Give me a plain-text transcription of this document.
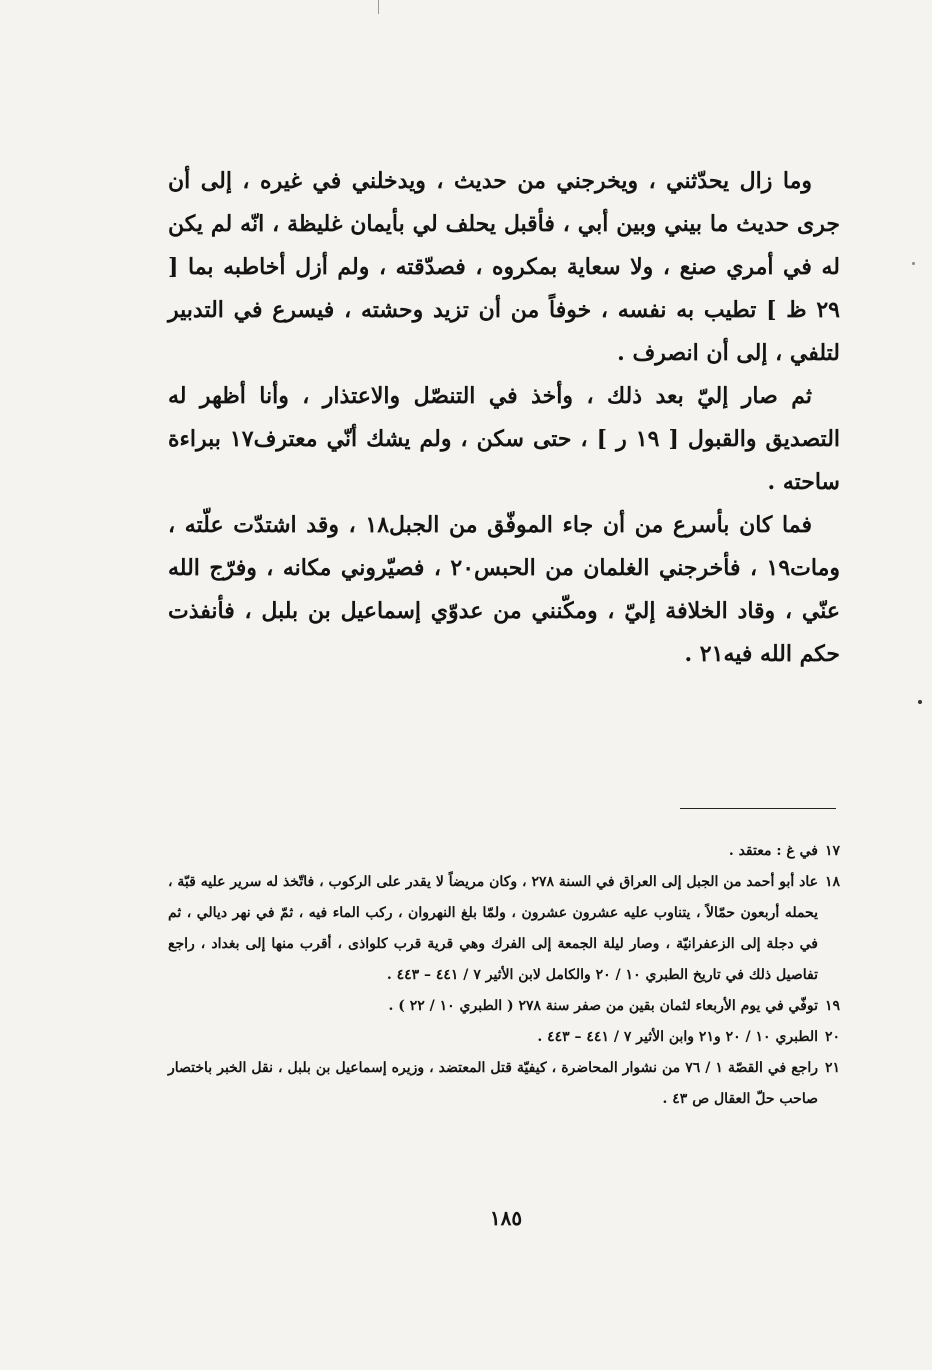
وما زال يحدّثني ، ويخرجني من حديث ، ويدخلني في غيره ، إلى أن جرى حديث ما بيني وبين أبي ، فأقبل يحلف لي بأيمان غليظة ، انّه لم يكن له في أمري صنع ، ولا سعاية بمكروه ، فصدّقته ، ولم أزل أخاطبه بما [ ٢٩ ظ ] تطيب به نفسه ، خوفاً من أن تزيد وحشته ، فيسرع في التدبير لتلفي ، إلى أن انصرف .

ثم صار إليّ بعد ذلك ، وأخذ في التنصّل والاعتذار ، وأنا أظهر له التصديق والقبول [ ١٩ ر ] ، حتى سكن ، ولم يشك أنّي معترف١٧ ببراءة ساحته .

فما كان بأسرع من أن جاء الموفّق من الجبل١٨ ، وقد اشتدّت علّته ، ومات١٩ ، فأخرجني الغلمان من الحبس٢٠ ، فصيّروني مكانه ، وفرّج الله عنّي ، وقاد الخلافة إليّ ، ومكّنني من عدوّي إسماعيل بن بلبل ، فأنفذت حكم الله فيه٢١ .

١٧
في غ : معتقد .
١٨
عاد أبو أحمد من الجبل إلى العراق في السنة ٢٧٨ ، وكان مريضاً لا يقدر على الركوب ، فاتّخذ له سرير عليه قبّة ، يحمله أربعون حمّالاً ، يتناوب عليه عشرون عشرون ، ولمّا بلغ النهروان ، ركب الماء فيه ، ثمّ في نهر ديالي ، ثم في دجلة إلى الزعفرانيّة ، وصار ليلة الجمعة إلى الفرك وهي قرية قرب كلواذى ، أقرب منها إلى بغداد ، راجع تفاصيل ذلك في تاريخ الطبري ١٠ / ٢٠ والكامل لابن الأثير ٧ / ٤٤١ – ٤٤٣ .
١٩
توفّي في يوم الأربعاء لثمان بقين من صفر سنة ٢٧٨ ( الطبري ١٠ / ٢٢ ) .
٢٠
الطبري ١٠ / ٢٠ و٢١ وابن الأثير ٧ / ٤٤١ – ٤٤٣ .
٢١
راجع في القصّة ١ / ٧٦ من نشوار المحاضرة ، كيفيّة قتل المعتضد ، وزيره إسماعيل بن بلبل ، نقل الخبر باختصار صاحب حلّ العقال ص ٤٣ .
١٨٥
